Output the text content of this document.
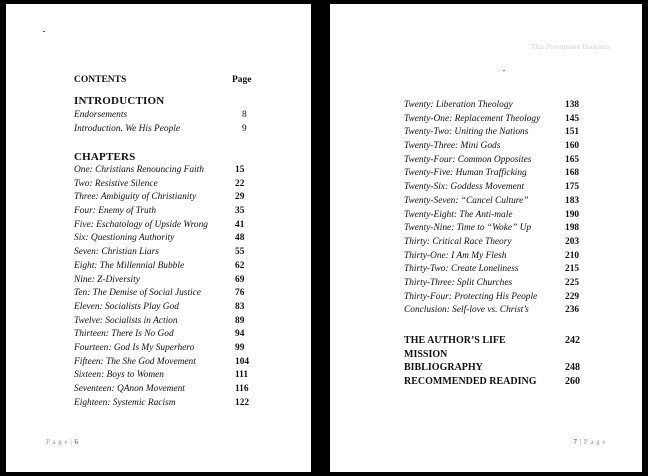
CONTENTS	Page
INTRODUCTION
Endorsements	8
Introduction. We His People	9
CHAPTERS
One: Christians Renouncing Faith	15
Two: Resistive Silence	22
Three: Ambiguity of Christianity	29
Four: Enemy of Truth	35
Five: Eschatology of Upside Wrong	41
Six: Questioning Authority	48
Seven: Christian Liars	55
Eight: The Millennial Bubble	62
Nine: Z-Diversity	69
Ten: The Demise of Social Justice	76
Eleven: Socialists Play God	83
Twelve: Socialists in Action	89
Thirteen: There Is No God	94
Fourteen: God Is My Superhero	99
Fifteen: The She God Movement	104
Sixteen: Boys to Women	111
Seventeen: QAnon Movement	116
Eighteen: Systemic Racism	122
P a g e | 6
This Preeminent Darkness
Twenty: Liberation Theology	138
Twenty-One: Replacement Theology	145
Twenty-Two: Uniting the Nations	151
Twenty-Three: Mini Gods	160
Twenty-Four: Common Opposites	165
Twenty-Five: Human Trafficking	168
Twenty-Six: Goddess Movement	175
Twenty-Seven: “Cancel Culture”	183
Twenty-Eight: The Anti-male	190
Twenty-Nine: Time to “Woke” Up	198
Thirty: Critical Race Theory	203
Thirty-One: I Am My Flesh	210
Thirty-Two: Create Loneliness	215
Thirty-Three: Split Churches	225
Thirty-Four: Protecting His People	229
Conclusion: Self-love vs. Christ’s	236
THE AUTHOR’S LIFE	242
MISSION
BIBLIOGRAPHY	248
RECOMMENDED READING	260
7 | P a g e
